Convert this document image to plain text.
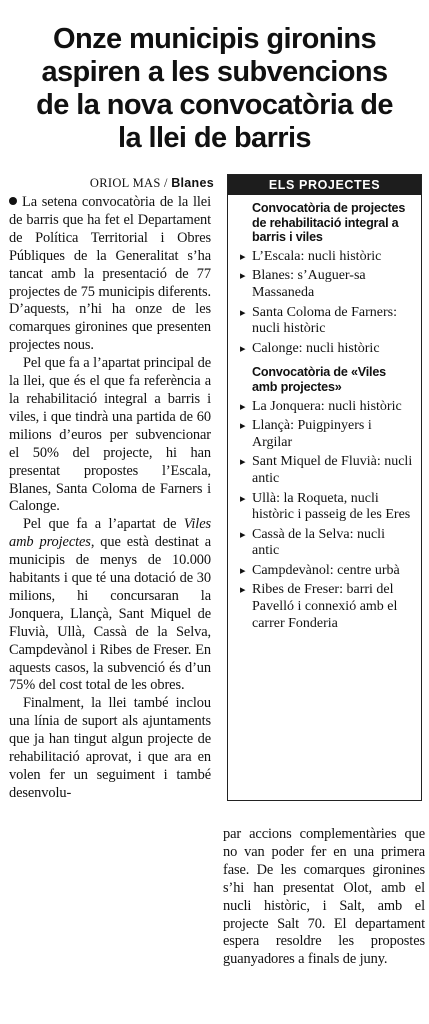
Onze municipis gironins
aspiren a les subvencions
de la nova convocatòria de
la llei de barris
ORIOL MAS / Blanes

La setena convocatòria de la llei de barris que ha fet el Departament de Política Territorial i Obres Públiques de la Generalitat s’ha tancat amb la presentació de 77 projectes de 75 municipis diferents. D’aquests, n’hi ha onze de les comarques gironines que presenten projectes nous.

Pel que fa a l’apartat principal de la llei, que és el que fa referència a la rehabilitació integral a barris i viles, i que tindrà una partida de 60 milions d’euros per subvencionar el 50% del projecte, hi han presentat propostes l’Escala, Blanes, Santa Coloma de Farners i Calonge.

Pel que fa a l’apartat de Viles amb projectes, que està destinat a municipis de menys de 10.000 habitants i que té una dotació de 30 milions, hi concursaran la Jonquera, Llançà, Sant Miquel de Fluvià, Ullà, Cassà de la Selva, Campdevànol i Ribes de Freser. En aquests casos, la subvenció és d’un 75% del cost total de les obres.

Finalment, la llei també inclou una línia de suport als ajuntaments que ja han tingut algun projecte de rehabilitació aprovat, i que ara en volen fer un seguiment i també desenvolu-

ELS PROJECTES
Convocatòria de projectes de rehabilitació integral a barris i viles
▸ L’Escala: nucli històric
▸ Blanes: s’Auguer-sa Massaneda
▸ Santa Coloma de Farners: nucli històric
▸ Calonge: nucli històric
Convocatòria de «Viles amb projectes»
▸ La Jonquera: nucli històric
▸ Llançà: Puigpinyers i Argilar
▸ Sant Miquel de Fluvià: nucli antic
▸ Ullà: la Roqueta, nucli històric i passeig de les Eres
▸ Cassà de la Selva: nucli antic
▸ Campdevànol: centre urbà
▸ Ribes de Freser: barri del Pavelló i connexió amb el carrer Fonderia

par accions complementàries que no van poder fer en una primera fase. De les comarques gironines s’hi han presentat Olot, amb el nucli històric, i Salt, amb el projecte Salt 70. El departament espera resoldre les propostes guanyadores a finals de juny.
